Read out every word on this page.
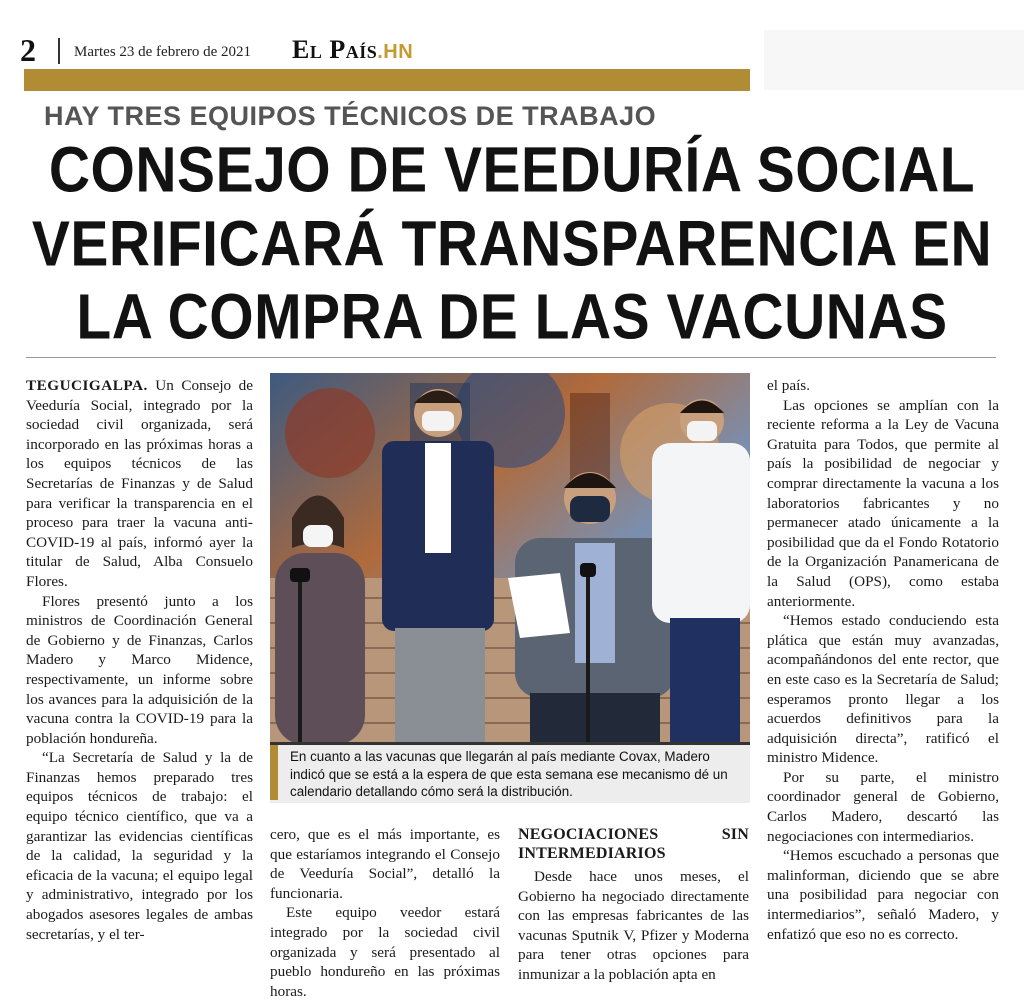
2	Martes 23 de febrero de 2021 El País.HN
HAY TRES EQUIPOS TÉCNICOS DE TRABAJO
CONSEJO DE VEEDURÍA SOCIAL
VERIFICARÁ TRANSPARENCIA EN
LA COMPRA DE LAS VACUNAS

TEGUCIGALPA. Un Consejo de Veeduría Social, integrado por la sociedad civil organizada, será incorporado en las próximas horas a los equipos técnicos de las Secretarías de Finanzas y de Salud para verificar la transparencia en el proceso para traer la vacuna anti-COVID-19 al país, informó ayer la titular de Salud, Alba Consuelo Flores.

Flores presentó junto a los ministros de Coordinación General de Gobierno y de Finanzas, Carlos Madero y Marco Midence, respectivamente, un informe sobre los avances para la adquisición de la vacuna contra la COVID-19 para la población hondureña.

“La Secretaría de Salud y la de Finanzas hemos preparado tres equipos técnicos de trabajo: el equipo técnico científico, que va a garantizar las evidencias científicas de la calidad, la seguridad y la eficacia de la vacuna; el equipo legal y administrativo, integrado por los abogados asesores legales de ambas secretarías, y el ter-

En cuanto a las vacunas que llegarán al país mediante Covax, Madero indicó que se está a la espera de que esta semana ese mecanismo dé un calendario detallando cómo será la distribución.

cero, que es el más importante, es que estaríamos integrando el Consejo de Veeduría Social”, detalló la funcionaria.

Este equipo veedor estará integrado por la sociedad civil organizada y será presentado al pueblo hondureño en las próximas horas.

NEGOCIACIONES SIN INTERMEDIARIOS

Desde hace unos meses, el Gobierno ha negociado directamente con las empresas fabricantes de las vacunas Sputnik V, Pfizer y Moderna para tener otras opciones para inmunizar a la población apta en

el país.

Las opciones se amplían con la reciente reforma a la Ley de Vacuna Gratuita para Todos, que permite al país la posibilidad de negociar y comprar directamente la vacuna a los laboratorios fabricantes y no permanecer atado únicamente a la posibilidad que da el Fondo Rotatorio de la Organización Panamericana de la Salud (OPS), como estaba anteriormente.

“Hemos estado conduciendo esta plática que están muy avanzadas, acompañándonos del ente rector, que en este caso es la Secretaría de Salud; esperamos pronto llegar a los acuerdos definitivos para la adquisición directa”, ratificó el ministro Midence.

Por su parte, el ministro coordinador general de Gobierno, Carlos Madero, descartó las negociaciones con intermediarios.

“Hemos escuchado a personas que malinforman, diciendo que se abre una posibilidad para negociar con intermediarios”, señaló Madero, y enfatizó que eso no es correcto.
